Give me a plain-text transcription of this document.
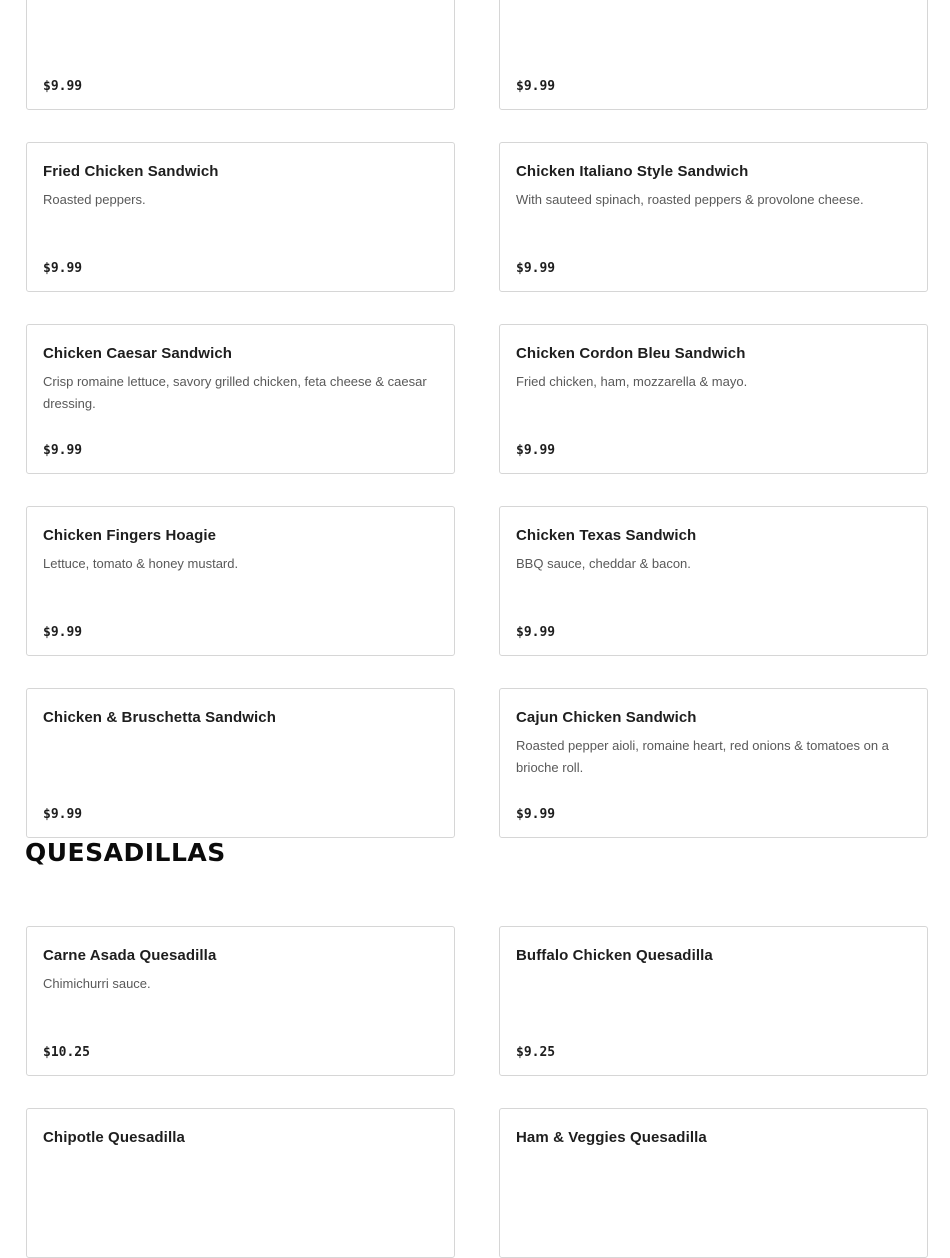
$9.99	$9.99
Fried Chicken Sandwich
Roasted peppers.
$9.99
Chicken Italiano Style Sandwich
With sauteed spinach, roasted peppers & provolone cheese.
$9.99
Chicken Caesar Sandwich
Crisp romaine lettuce, savory grilled chicken, feta cheese & caesar dressing.
$9.99
Chicken Cordon Bleu Sandwich
Fried chicken, ham, mozzarella & mayo.
$9.99
Chicken Fingers Hoagie
Lettuce, tomato & honey mustard.
$9.99
Chicken Texas Sandwich
BBQ sauce, cheddar & bacon.
$9.99
Chicken & Bruschetta Sandwich
$9.99
Cajun Chicken Sandwich
Roasted pepper aioli, romaine heart, red onions & tomatoes on a brioche roll.
$9.99
QUESADILLAS
Carne Asada Quesadilla
Chimichurri sauce.
$10.25
Buffalo Chicken Quesadilla
$9.25
Chipotle Quesadilla	Ham & Veggies Quesadilla
